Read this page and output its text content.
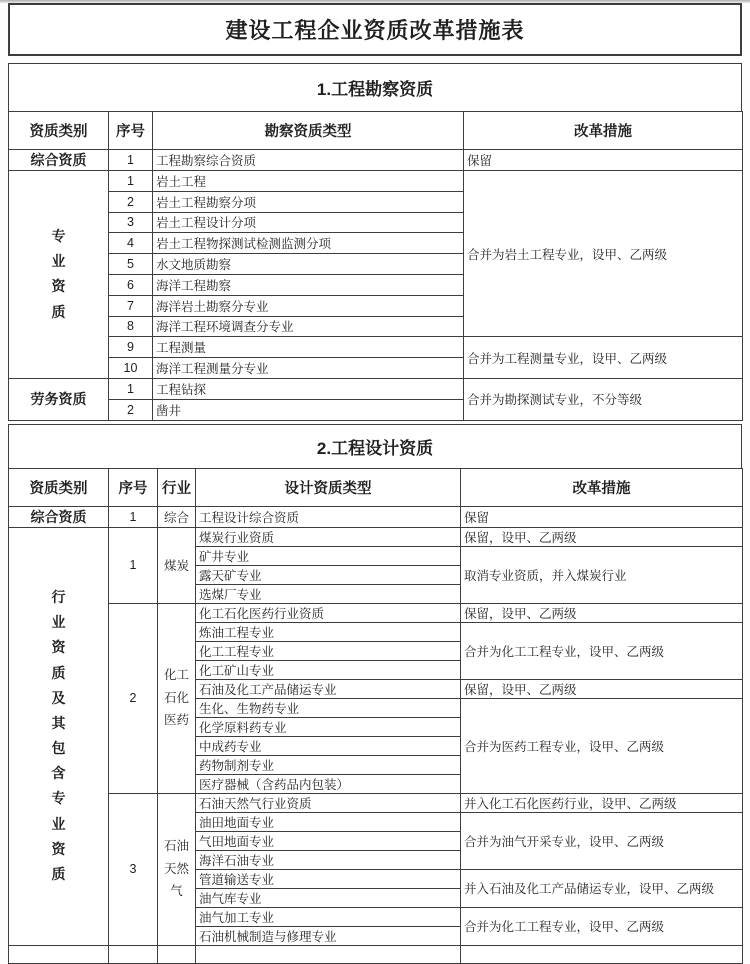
建设工程企业资质改革措施表
1.工程勘察资质
资质类别	序号	勘察资质类型	改革措施
综合资质	1	工程勘察综合资质	保留
专业资质	1	岩土工程	合并为岩土工程专业，设甲、乙两级
	2	岩土工程勘察分项	
	3	岩土工程设计分项	
	4	岩土工程物探测试检测监测分项	
	5	水文地质勘察	
	6	海洋工程勘察	
	7	海洋岩土勘察分专业	
	8	海洋工程环境调查分专业	
	9	工程测量	合并为工程测量专业，设甲、乙两级
	10	海洋工程测量分专业	
劳务资质	1	工程钻探	合并为勘探测试专业，不分等级
	2	凿井	
2.工程设计资质
资质类别	序号	行业	设计资质类型	改革措施
综合资质	1	综合	工程设计综合资质	保留
行业资质及其包含专业资质	1	煤炭	煤炭行业资质	保留，设甲、乙两级
			矿井专业	取消专业资质，并入煤炭行业
			露天矿专业	
			选煤厂专业	
	2	化工石化医药	化工石化医药行业资质	保留，设甲、乙两级
			炼油工程专业	合并为化工工程专业，设甲、乙两级
			化工工程专业	
			化工矿山专业	
			石油及化工产品储运专业	保留，设甲、乙两级
			生化、生物药专业	合并为医药工程专业，设甲、乙两级
			化学原料药专业	
			中成药专业	
			药物制剂专业	
			医疗器械（含药品内包装）	
	3	石油天然气	石油天然气行业资质	并入化工石化医药行业，设甲、乙两级
			油田地面专业	合并为油气开采专业，设甲、乙两级
			气田地面专业	
			海洋石油专业	
			管道输送专业	并入石油及化工产品储运专业，设甲、乙两级
			油气库专业	
			油气加工专业	合并为化工工程专业，设甲、乙两级
			石油机械制造与修理专业	
